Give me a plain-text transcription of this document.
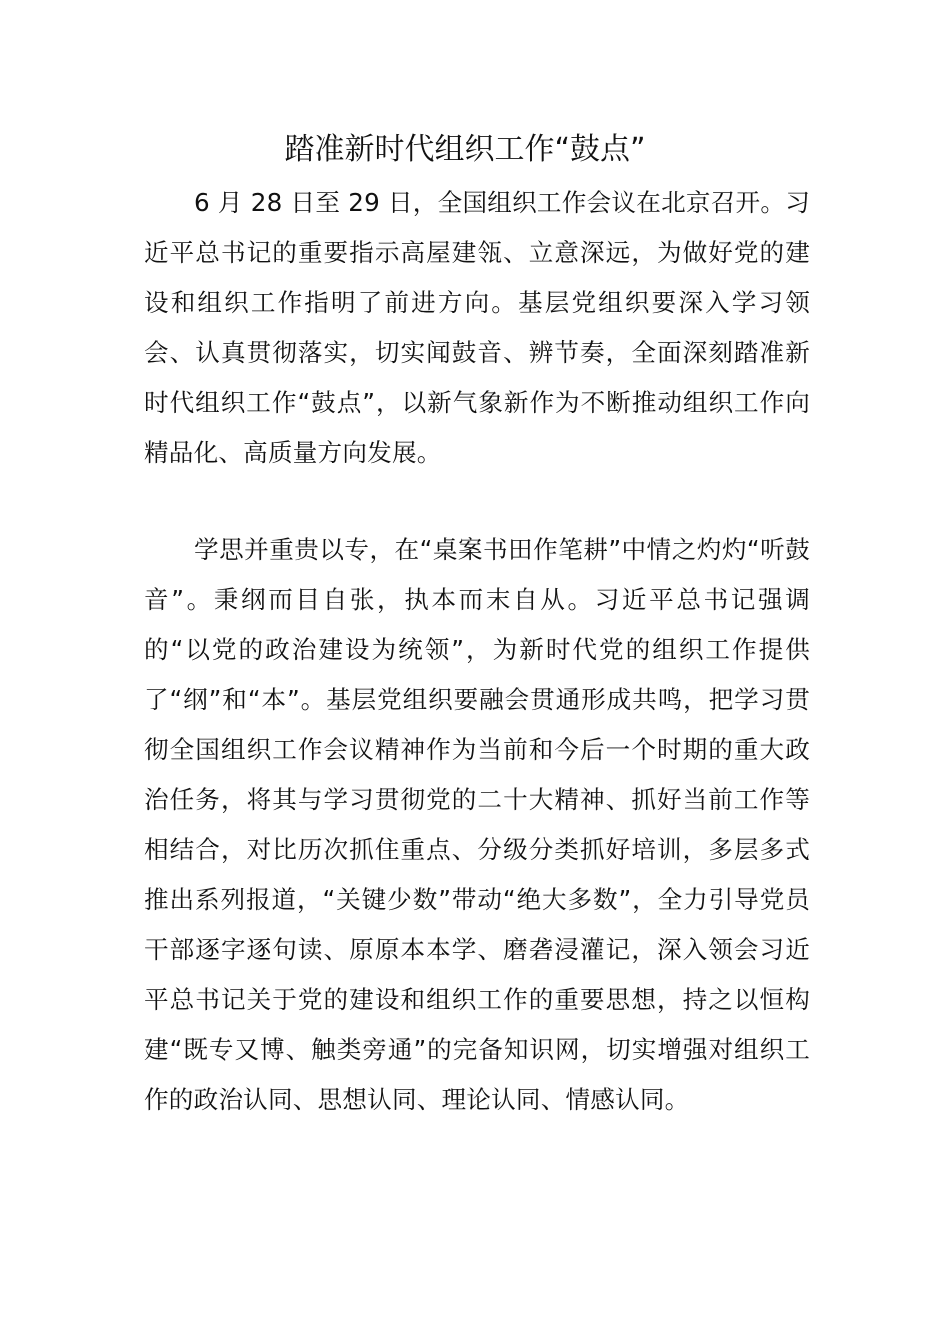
踏准新时代组织工作“鼓点”

6 月 28 日至 29 日，全国组织工作会议在北京召开。习近平总书记的重要指示高屋建瓴、立意深远，为做好党的建设和组织工作指明了前进方向。基层党组织要深入学习领会、认真贯彻落实，切实闻鼓音、辨节奏，全面深刻踏准新时代组织工作“鼓点”，以新气象新作为不断推动组织工作向精品化、高质量方向发展。

学思并重贵以专，在“桌案书田作笔耕”中情之灼灼“听鼓音”。秉纲而目自张，执本而末自从。习近平总书记强调的“以党的政治建设为统领”，为新时代党的组织工作提供了“纲”和“本”。基层党组织要融会贯通形成共鸣，把学习贯彻全国组织工作会议精神作为当前和今后一个时期的重大政治任务，将其与学习贯彻党的二十大精神、抓好当前工作等相结合，对比历次抓住重点、分级分类抓好培训，多层多式推出系列报道，“关键少数”带动“绝大多数”，全力引导党员干部逐字逐句读、原原本本学、磨砻浸灌记，深入领会习近平总书记关于党的建设和组织工作的重要思想，持之以恒构建“既专又博、触类旁通”的完备知识网，切实增强对组织工作的政治认同、思想认同、理论认同、情感认同。
